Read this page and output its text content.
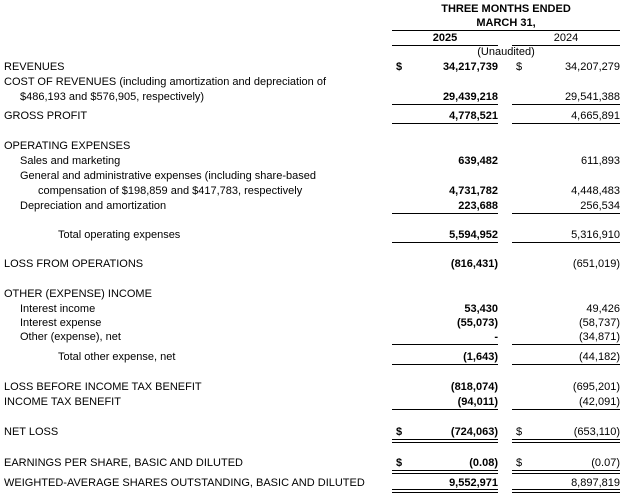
THREE MONTHS ENDED
MARCH 31,
2025	2024
(Unaudited)
REVENUES	$	34,217,739 $	34,207,279
COST OF REVENUES (including amortization and depreciation of
$486,193 and $576,905, respectively)	29,439,218	29,541,388
GROSS PROFIT	4,778,521	4,665,891
OPERATING EXPENSES
Sales and marketing	639,482	611,893
General and administrative expenses (including share-based
compensation of $198,859 and $417,783, respectively	4,731,782	4,448,483
Depreciation and amortization	223,688	256,534
Total operating expenses	5,594,952	5,316,910
LOSS FROM OPERATIONS	(816,431)	(651,019)
OTHER (EXPENSE) INCOME
Interest income	53,430	49,426
Interest expense	(55,073)	(58,737)
Other (expense), net	-	(34,871)
Total other expense, net	(1,643)	(44,182)
LOSS BEFORE INCOME TAX BENEFIT	(818,074)	(695,201)
INCOME TAX BENEFIT	(94,011)	(42,091)
NET LOSS	$	(724,063) $	(653,110)
EARNINGS PER SHARE, BASIC AND DILUTED	$	(0.08) $	(0.07)
WEIGHTED-AVERAGE SHARES OUTSTANDING, BASIC AND DILUTED	9,552,971	8,897,819
